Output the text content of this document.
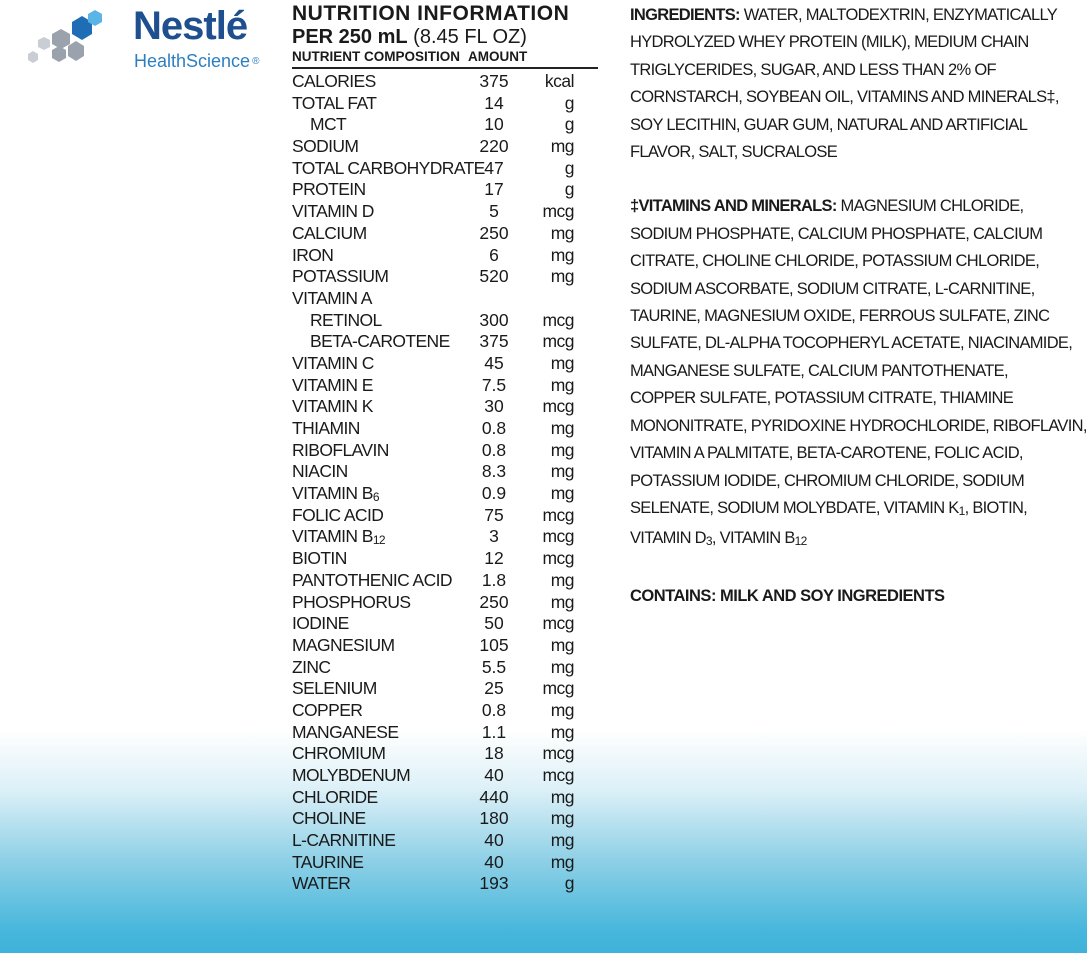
Nestlé
HealthScience ®
NUTRITION INFORMATION
PER 250 mL (8.45 FL OZ)
NUTRIENT COMPOSITION AMOUNT
CALORIES	375	kcal
TOTAL FAT	14	g
MCT	10	g
SODIUM	220	mg
TOTAL CARBOHYDRATE 47	g
PROTEIN	17	g
VITAMIN D	5	mcg
CALCIUM	250	mg
IRON	6	mg
POTASSIUM	520	mg
VITAMIN A
RETINOL	300	mcg
BETA-CAROTENE	375	mcg
VITAMIN C	45	mg
VITAMIN E	7.5	mg
VITAMIN K	30	mcg
THIAMIN	0.8	mg
RIBOFLAVIN	0.8	mg
NIACIN	8.3	mg
VITAMIN $B_6$	0.9	mg
FOLIC ACID	75	mcg
VITAMIN $B_{12}$	3	mcg
BIOTIN	12	mcg
PANTOTHENIC ACID	1.8	mg
PHOSPHORUS	250	mg
IODINE	50	mcg
MAGNESIUM	105	mg
ZINC	5.5	mg
SELENIUM	25	mcg
COPPER	0.8	mg
MANGANESE	1.1	mg
CHROMIUM	18	mcg
MOLYBDENUM	40	mcg
CHLORIDE	440	mg
CHOLINE	180	mg
L-CARNITINE	40	mg
TAURINE	40	mg
WATER	193	g
INGREDIENTS: WATER, MALTODEXTRIN, ENZYMATICALLY
HYDROLYZED WHEY PROTEIN (MILK), MEDIUM CHAIN
TRIGLYCERIDES, SUGAR, AND LESS THAN 2% OF
CORNSTARCH, SOYBEAN OIL, VITAMINS AND MINERALS‡,
SOY LECITHIN, GUAR GUM, NATURAL AND ARTIFICIAL
FLAVOR, SALT, SUCRALOSE
‡VITAMINS AND MINERALS: MAGNESIUM CHLORIDE,
SODIUM PHOSPHATE, CALCIUM PHOSPHATE, CALCIUM
CITRATE, CHOLINE CHLORIDE, POTASSIUM CHLORIDE,
SODIUM ASCORBATE, SODIUM CITRATE, L-CARNITINE,
TAURINE, MAGNESIUM OXIDE, FERROUS SULFATE, ZINC
SULFATE, DL-ALPHA TOCOPHERYL ACETATE, NIACINAMIDE,
MANGANESE SULFATE, CALCIUM PANTOTHENATE,
COPPER SULFATE, POTASSIUM CITRATE, THIAMINE
MONONITRATE, PYRIDOXINE HYDROCHLORIDE, RIBOFLAVIN,
VITAMIN A PALMITATE, BETA-CAROTENE, FOLIC ACID,
POTASSIUM IODIDE, CHROMIUM CHLORIDE, SODIUM
SELENATE, SODIUM MOLYBDATE, VITAMIN $K_1$, BIOTIN,
VITAMIN $D_3$, VITAMIN $B_{12}$
CONTAINS: MILK AND SOY INGREDIENTS
